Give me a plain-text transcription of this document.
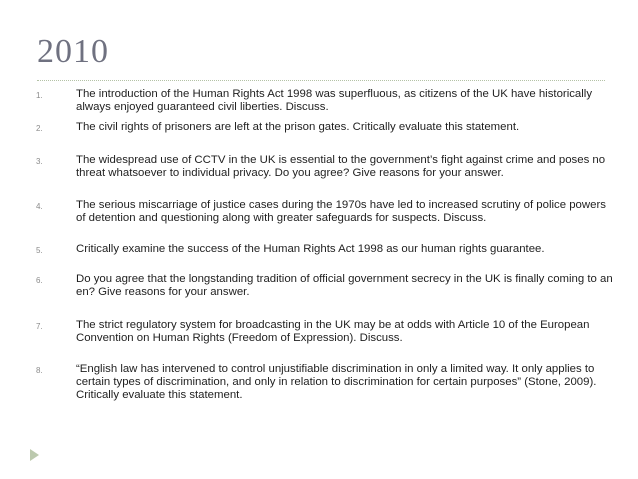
2010
1.	The introduction of the Human Rights Act 1998 was superfluous, as citizens of the UK have historically always enjoyed guaranteed civil liberties. Discuss.
2.	The civil rights of prisoners are left at the prison gates. Critically evaluate this statement.
3.	The widespread use of CCTV in the UK is essential to the government’s fight against crime and poses no threat whatsoever to individual privacy. Do you agree? Give reasons for your answer.
4.	The serious miscarriage of justice cases during the 1970s have led to increased scrutiny of police powers of detention and questioning along with greater safeguards for suspects. Discuss.
5.	Critically examine the success of the Human Rights Act 1998 as our human rights guarantee.
6.	Do you agree that the longstanding tradition of official government secrecy in the UK is finally coming to an en? Give reasons for your answer.
7.	The strict regulatory system for broadcasting in the UK may be at odds with Article 10 of the European Convention on Human Rights (Freedom of Expression). Discuss.
8.	“English law has intervened to control unjustifiable discrimination in only a limited way. It only applies to certain types of discrimination, and only in relation to discrimination for certain purposes” (Stone, 2009). Critically evaluate this statement.
